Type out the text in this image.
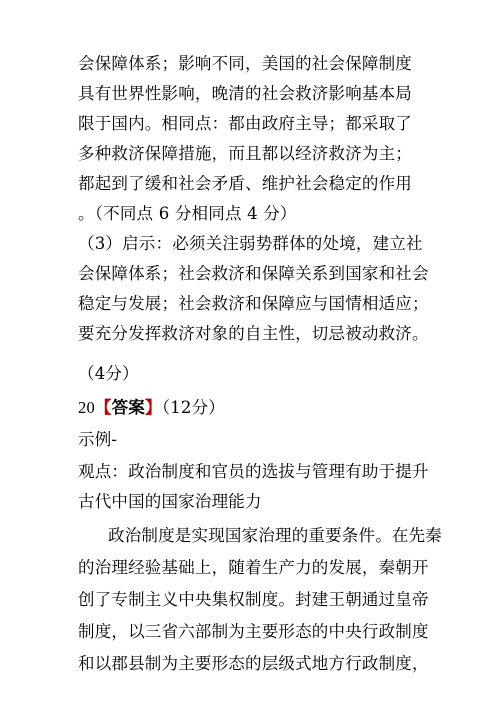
会保障体系；影响不同，美国的社会保障制度
具有世界性影响，晚清的社会救济影响基本局
限于国内。相同点：都由政府主导；都采取了
多种救济保障措施，而且都以经济救济为主；
都起到了缓和社会矛盾、维护社会稳定的作用
。（不同点 6 分相同点 4 分）
（3）启示：必须关注弱势群体的处境，建立社
会保障体系；社会救济和保障关系到国家和社会
稳定与发展；社会救济和保障应与国情相适应；
要充分发挥救济对象的自主性，切忌被动救济。
（4分）
20【答案】（12分）
示例-
观点：政治制度和官员的选拔与管理有助于提升
古代中国的国家治理能力
政治制度是实现国家治理的重要条件。在先秦
的治理经验基础上，随着生产力的发展，秦朝开
创了专制主义中央集权制度。封建王朝通过皇帝
制度，以三省六部制为主要形态的中央行政制度
和以郡县制为主要形态的层级式地方行政制度，
